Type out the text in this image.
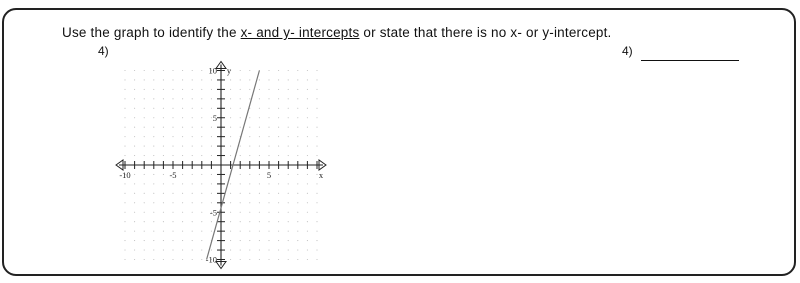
Use the graph to identify the x- and y- intercepts or state that there is no x- or y-intercept.
4)	4)
-10	-5	5
10
5
-5
-10
x
y
